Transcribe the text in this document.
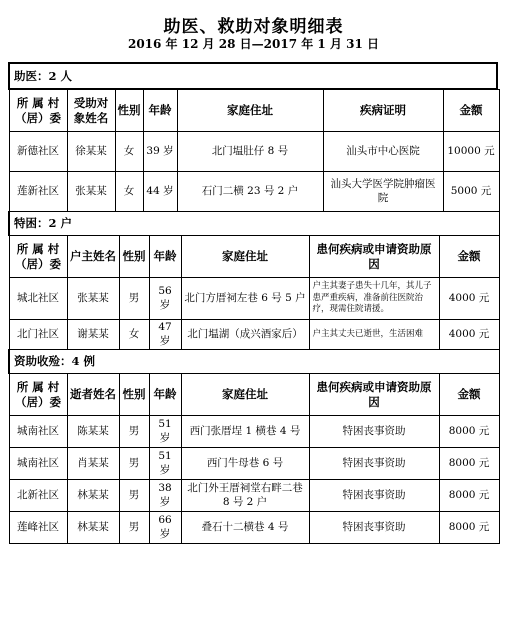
助医、救助对象明细表
2016 年 12 月 28 日—2017 年 1 月 31 日
助医：2 人
所 属 村（居）委	受助对象姓名	性别	年龄	家庭住址	疾病证明	金额
新德社区	徐某某	女	39 岁	北门塭肚仔 8 号	汕头市中心医院	10000 元
莲新社区	张某某	女	44 岁	石门二横 23 号 2 户	汕头大学医学院肿瘤医院	5000 元
特困：2 户						
所 属 村（居）委	户主姓名	性别	年龄	家庭住址	患何疾病或申请资助原因	金额
城北社区	张某某	男	56 岁	北门方厝祠左巷 6 号 5 户	户主其妻子患失十几年，其儿子患严重疾病，准备前往医院治疗，现需住院请援。	4000 元
北门社区	谢某某	女	47 岁	北门塭湖（成兴酒家后）	户主其丈夫已逝世，生活困难	4000 元
资助收殓：4 例						
所 属 村（居）委	逝者姓名	性别	年龄	家庭住址	患何疾病或申请资助原因	金额
城南社区	陈某某	男	51 岁	西门张厝埕 1 横巷 4 号	特困丧事资助	8000 元
城南社区	肖某某	男	51 岁	西门牛母巷 6 号	特困丧事资助	8000 元
北新社区	林某某	男	38 岁	北门外王厝祠堂右畔二巷 8 号 2 户	特困丧事资助	8000 元
莲峰社区	林某某	男	66 岁	叠石十二横巷 4 号	特困丧事资助	8000 元
